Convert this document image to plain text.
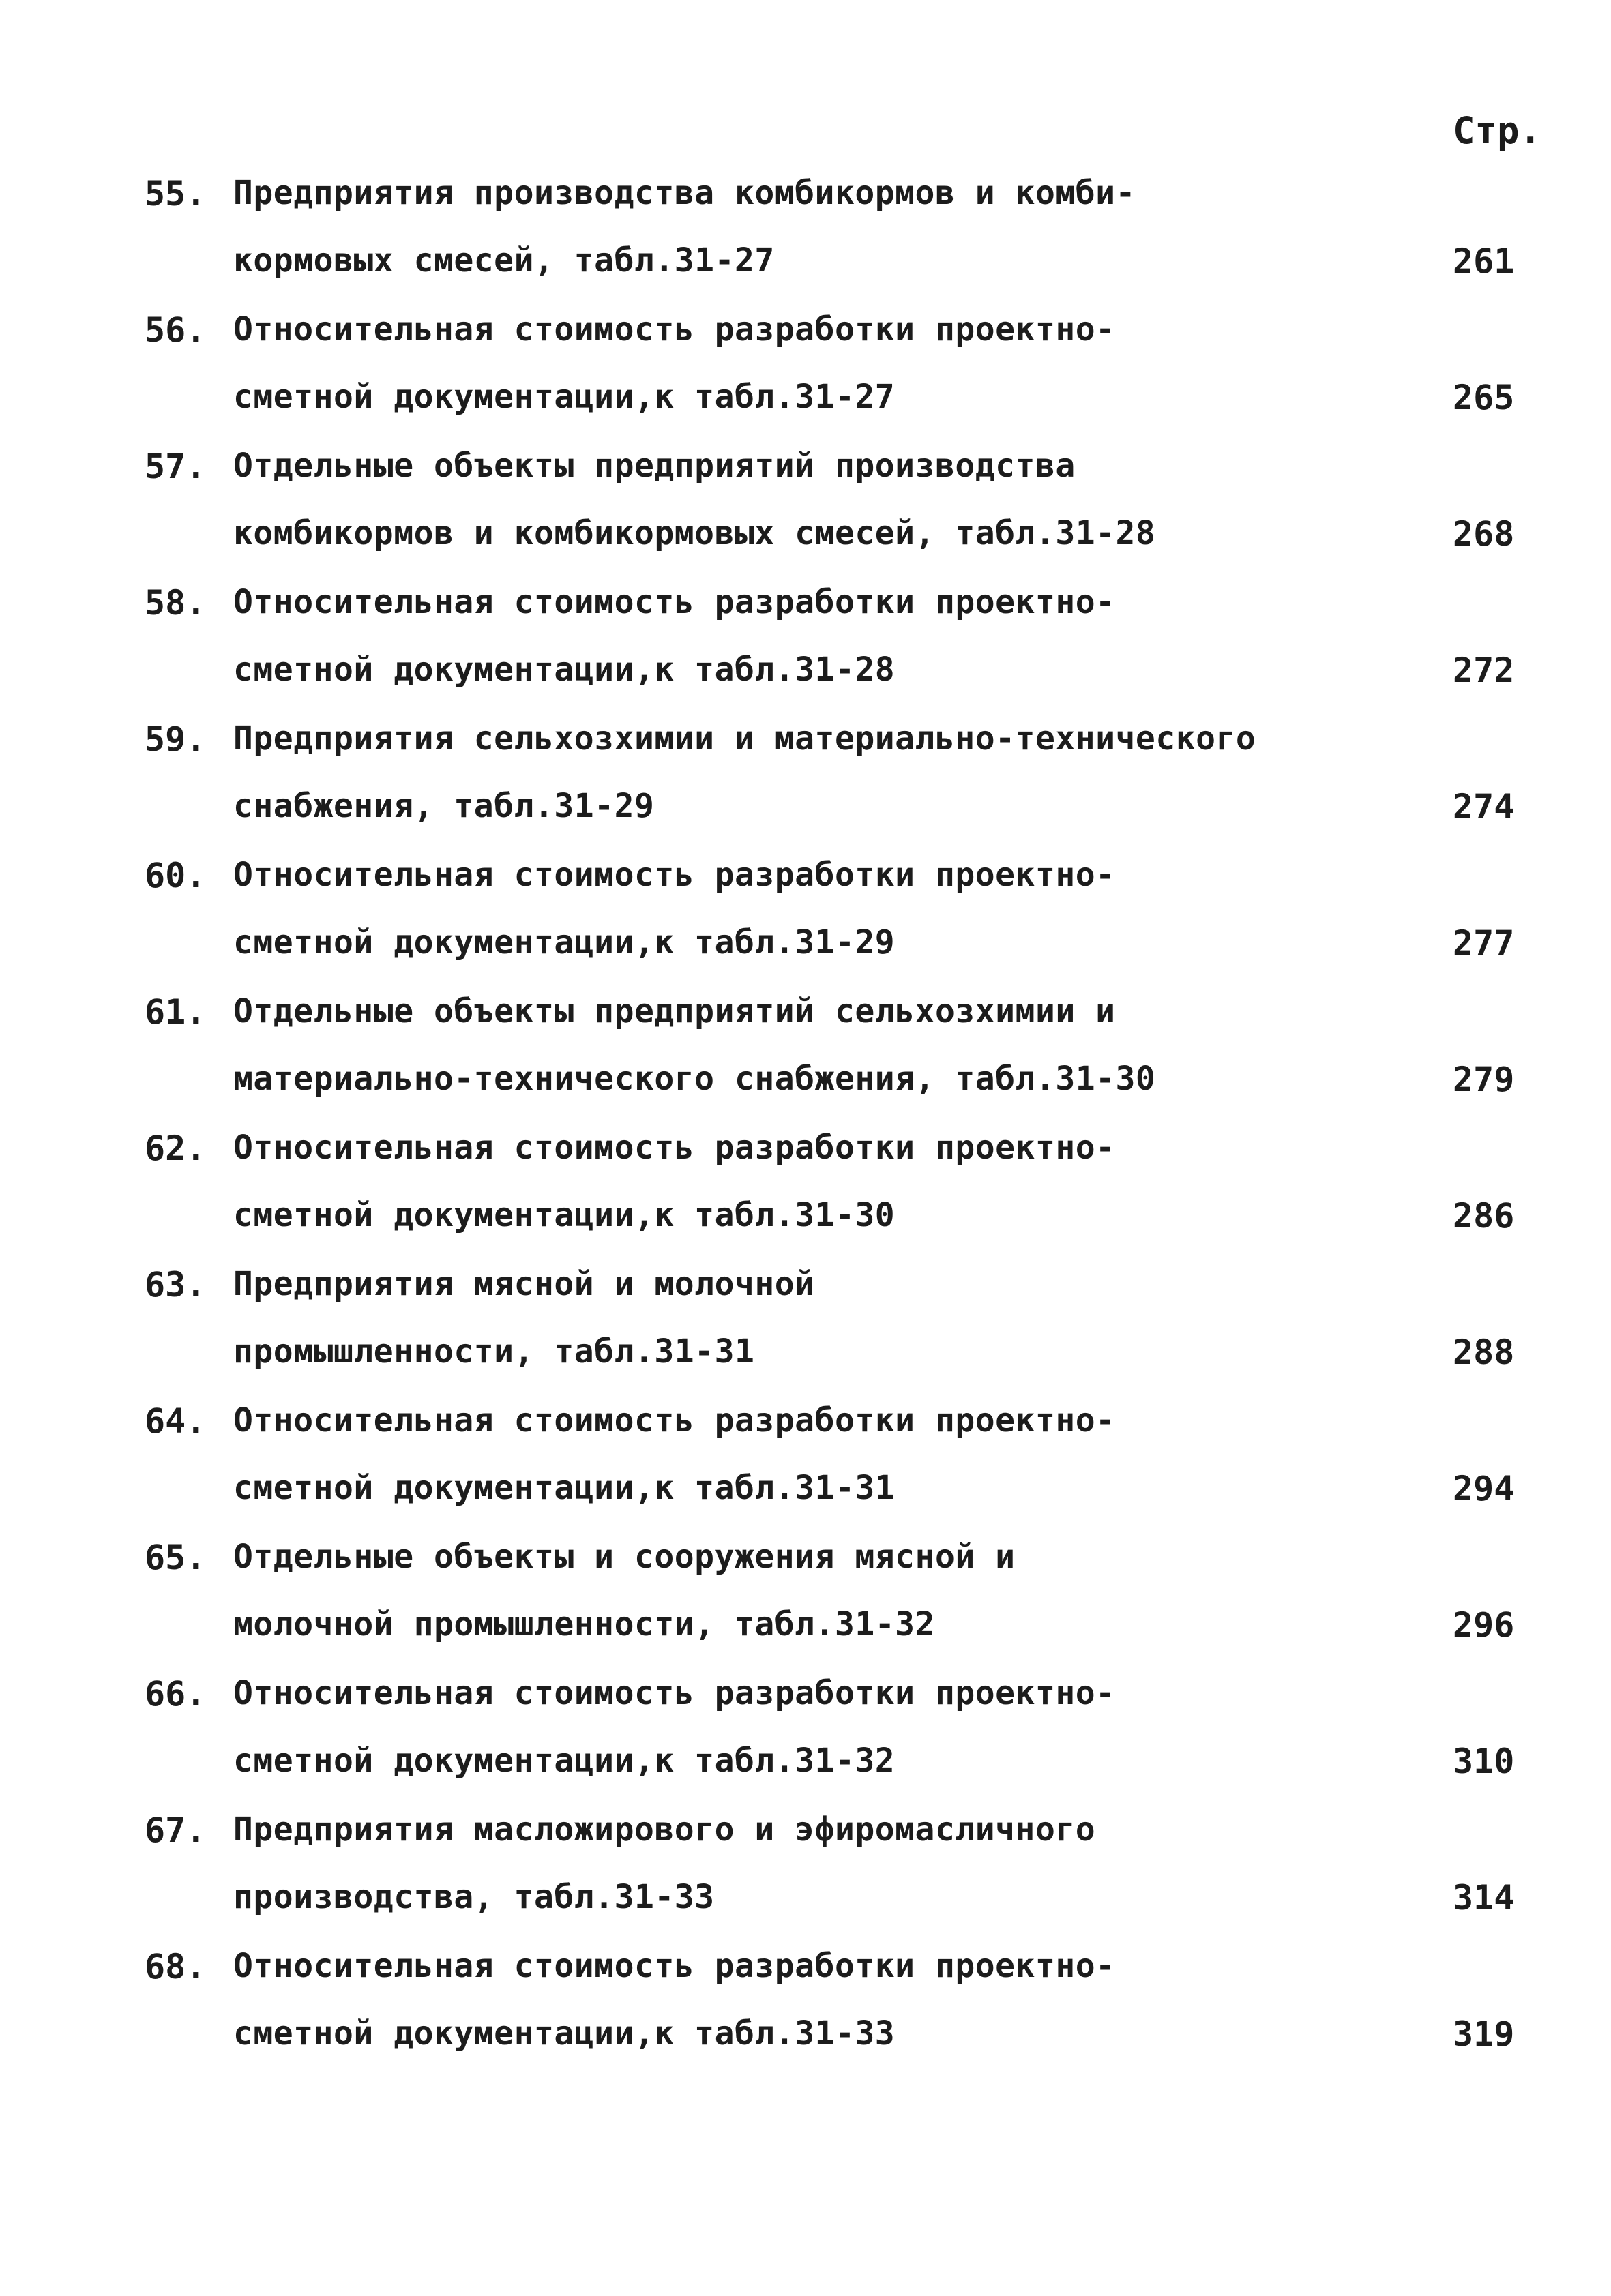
Стр.
55. Предприятия производства комбикормов и комби-
кормовых смесей, табл.31-27	261
56. Относительная стоимость разработки проектно-
сметной документации,к табл.31-27	265
57. Отдельные объекты предприятий производства
комбикормов и комбикормовых смесей, табл.31-28	268
58. Относительная стоимость разработки проектно-
сметной документации,к табл.31-28	272
59. Предприятия сельхозхимии и материально-технического
снабжения, табл.31-29	274
60. Относительная стоимость разработки проектно-
сметной документации,к табл.31-29	277
61. Отдельные объекты предприятий сельхозхимии и
материально-технического снабжения, табл.31-30	279
62. Относительная стоимость разработки проектно-
сметной документации,к табл.31-30	286
63. Предприятия мясной и молочной
промышленности, табл.31-31	288
64. Относительная стоимость разработки проектно-
сметной документации,к табл.31-31	294
65. Отдельные объекты и сооружения мясной и
молочной промышленности, табл.31-32	296
66. Относительная стоимость разработки проектно-
сметной документации,к табл.31-32	310
67. Предприятия масложирового и эфиромасличного
производства, табл.31-33	314
68. Относительная стоимость разработки проектно-
сметной документации,к табл.31-33	319
